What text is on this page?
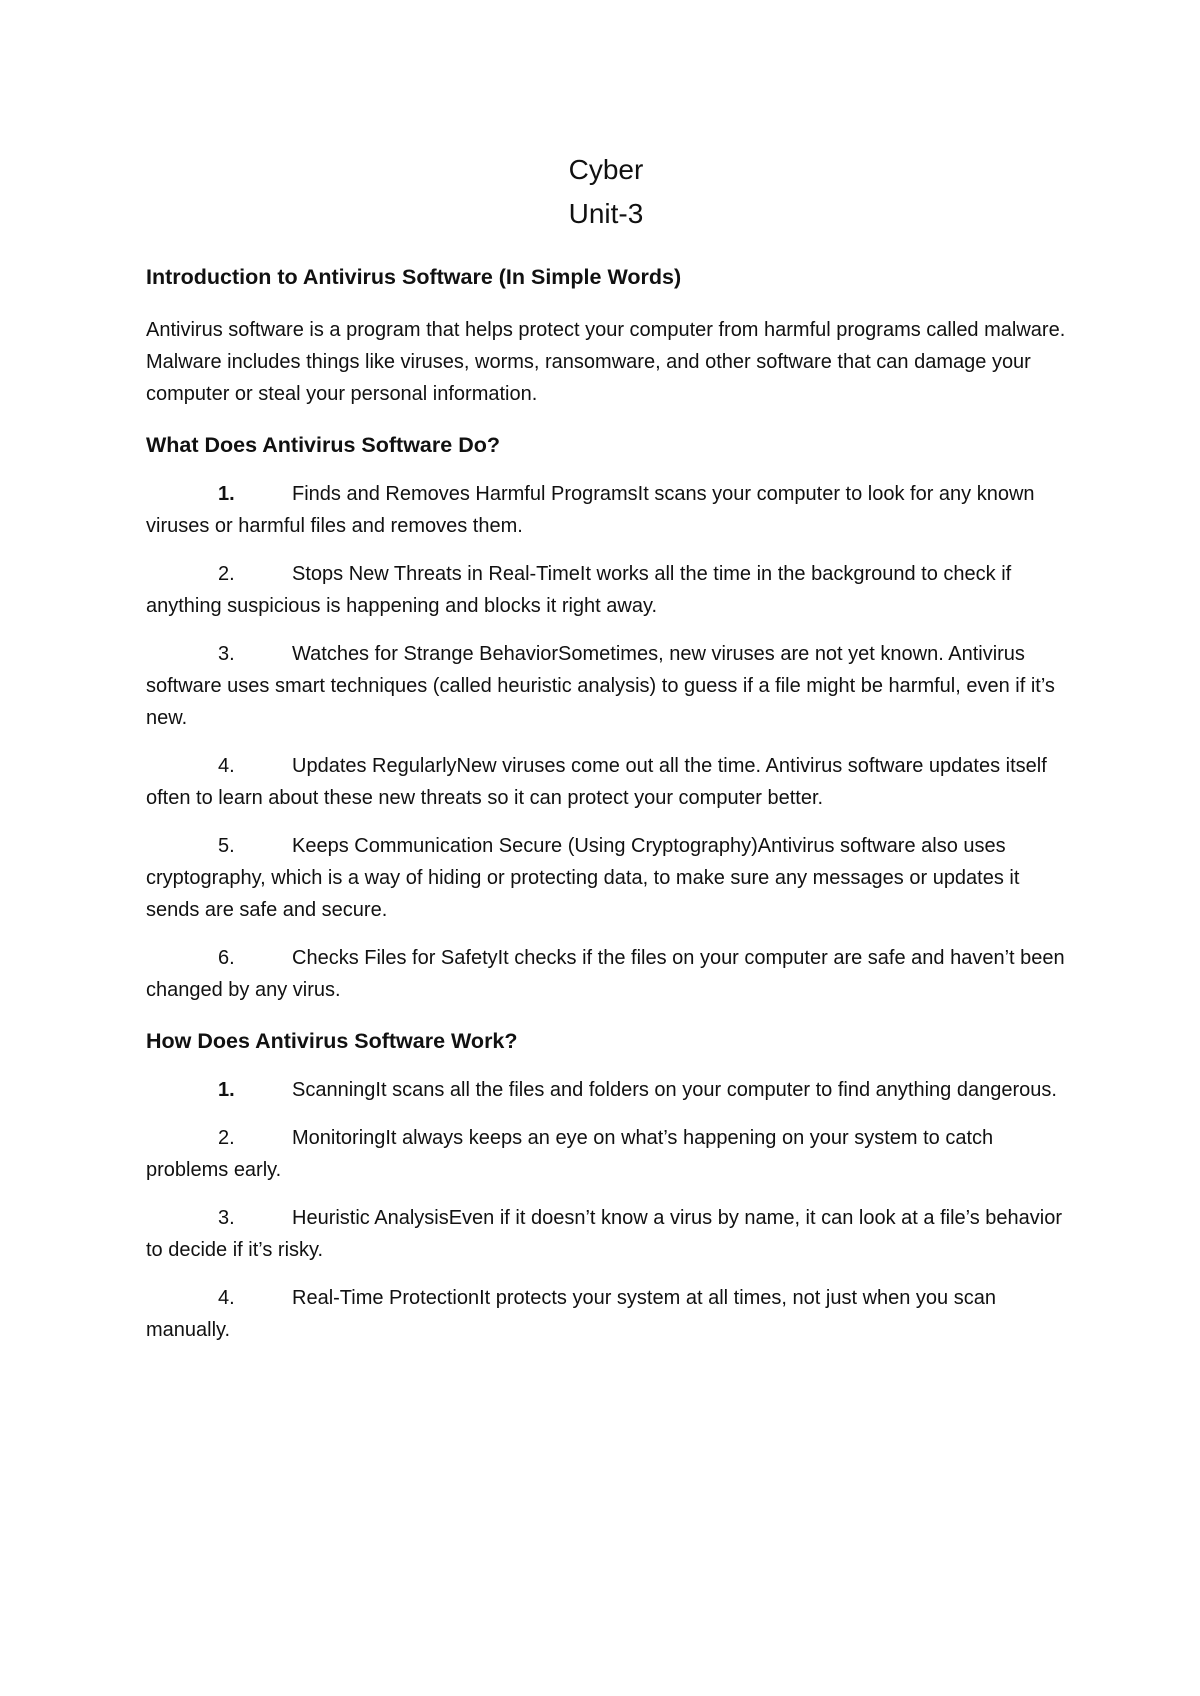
Cyber
Unit-3
Introduction to Antivirus Software (In Simple Words)

Antivirus software is a program that helps protect your computer from harmful programs called malware. Malware includes things like viruses, worms, ransomware, and other software that can damage your computer or steal your personal information.

What Does Antivirus Software Do?

1.	Finds and Removes Harmful ProgramsIt scans your computer to look for any known viruses or harmful files and removes them.

2.	Stops New Threats in Real-TimeIt works all the time in the background to check if anything suspicious is happening and blocks it right away.

3.	Watches for Strange BehaviorSometimes, new viruses are not yet known. Antivirus software uses smart techniques (called heuristic analysis) to guess if a file might be harmful, even if it’s new.

4.	Updates RegularlyNew viruses come out all the time. Antivirus software updates itself often to learn about these new threats so it can protect your computer better.

5.	Keeps Communication Secure (Using Cryptography)Antivirus software also uses cryptography, which is a way of hiding or protecting data, to make sure any messages or updates it sends are safe and secure.

6.	Checks Files for SafetyIt checks if the files on your computer are safe and haven’t been changed by any virus.

How Does Antivirus Software Work?

1.	ScanningIt scans all the files and folders on your computer to find anything dangerous.

2.	MonitoringIt always keeps an eye on what’s happening on your system to catch problems early.

3.	Heuristic AnalysisEven if it doesn’t know a virus by name, it can look at a file’s behavior to decide if it’s risky.

4.	Real-Time ProtectionIt protects your system at all times, not just when you scan manually.
